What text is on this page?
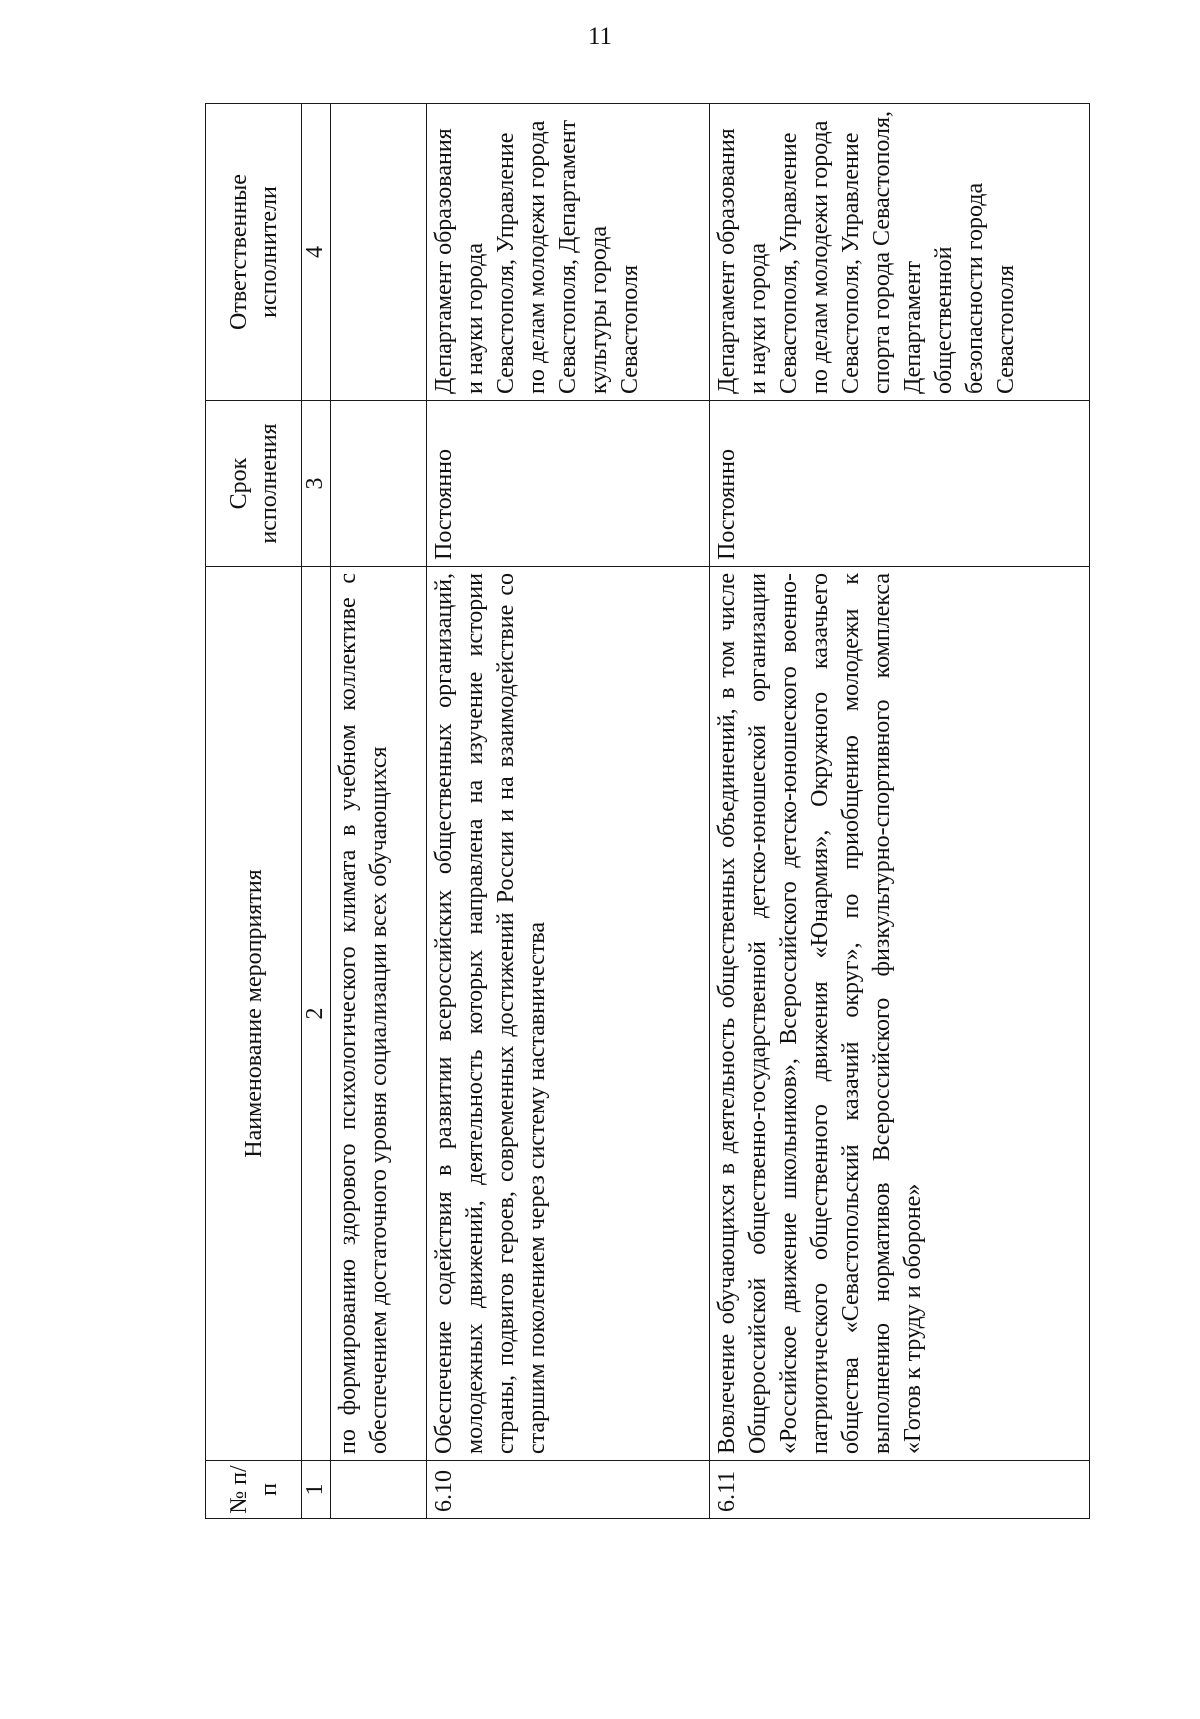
11
№ п/п	Наименование мероприятия	Срок исполнения	Ответственные исполнители
1	2	3	4
	по формированию здорового психологического климата в учебном коллективе с обеспечением достаточного уровня социализации всех обучающихся		
6.10	Обеспечение содействия в развитии всероссийских общественных организаций, молодежных движений, деятельность которых направлена на изучение истории страны, подвигов героев, современных достижений России и на взаимодействие со старшим поколением через систему наставничества	Постоянно	Департамент образования и науки города Севастополя, Управление по делам молодежи города Севастополя, Департамент культуры города Севастополя
6.11	Вовлечение обучающихся в деятельность общественных объединений, в том числе Общероссийской общественно-государственной детско-юношеской организации «Российское движение школьников», Всероссийского детско-юношеского военно-патриотического общественного движения «Юнармия», Окружного казачьего общества «Севастопольский казачий округ», по приобщению молодежи к выполнению нормативов Всероссийского физкультурно-спортивного комплекса «Готов к труду и обороне»	Постоянно	Департамент образования и науки города Севастополя, Управление по делам молодежи города Севастополя, Управление спорта города Севастополя, Департамент общественной безопасности города Севастополя
